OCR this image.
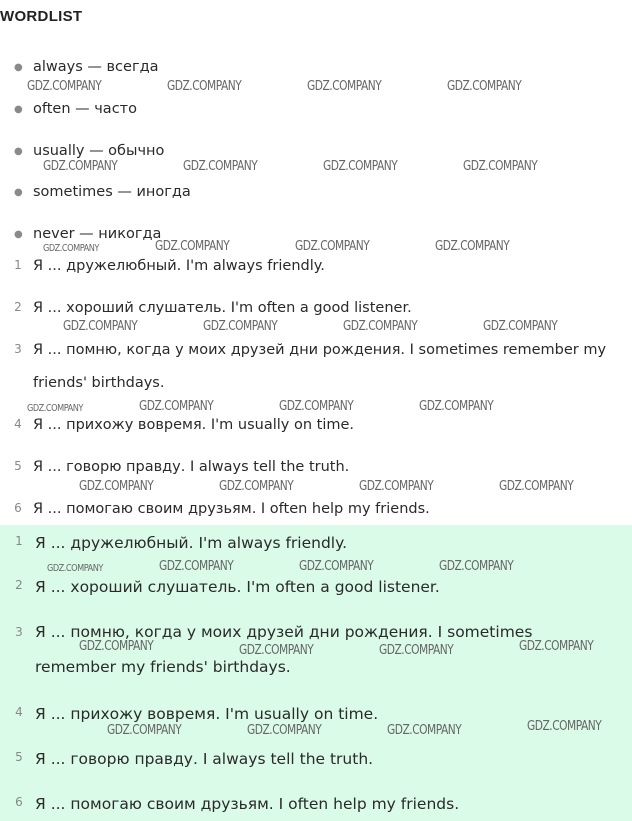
WORDLIST
● always — всегда
● often — часто
● usually — обычно
● sometimes — иногда
● never — никогда
1 Я ... дружелюбный. I'm always friendly.
2 Я ... хороший слушатель. I'm often a good listener.
3 Я ... помню, когда у моих друзей дни рождения. I sometimes remember my friends' birthdays.
4 Я ... прихожу вовремя. I'm usually on time.
5 Я ... говорю правду. I always tell the truth.
6 Я ... помогаю своим друзьям. I often help my friends.
1 Я ... дружелюбный. I'm always friendly.
2 Я ... хороший слушатель. I'm often a good listener.
3 Я ... помню, когда у моих друзей дни рождения. I sometimes remember my friends' birthdays.
4 Я ... прихожу вовремя. I'm usually on time.
5 Я ... говорю правду. I always tell the truth.
6 Я ... помогаю своим друзьям. I often help my friends.
GDZ.COMPANY	GDZ.COMPANY	GDZ.COMPANY	GDZ.COMPANY
GDZ.COMPANY	GDZ.COMPANY	GDZ.COMPANY	GDZ.COMPANY
GDZ.COMPANY	GDZ.COMPANY	GDZ.COMPANY	GDZ.COMPANY
GDZ.COMPANY	GDZ.COMPANY	GDZ.COMPANY	GDZ.COMPANY
GDZ.COMPANY	GDZ.COMPANY	GDZ.COMPANY	GDZ.COMPANY
GDZ.COMPANY	GDZ.COMPANY	GDZ.COMPANY	GDZ.COMPANY
GDZ.COMPANY	GDZ.COMPANY	GDZ.COMPANY	GDZ.COMPANY
GDZ.COMPANY	GDZ.COMPANY	GDZ.COMPANY	GDZ.COMPANY
GDZ.COMPANY	GDZ.COMPANY	GDZ.COMPANY	GDZ.COMPANY
